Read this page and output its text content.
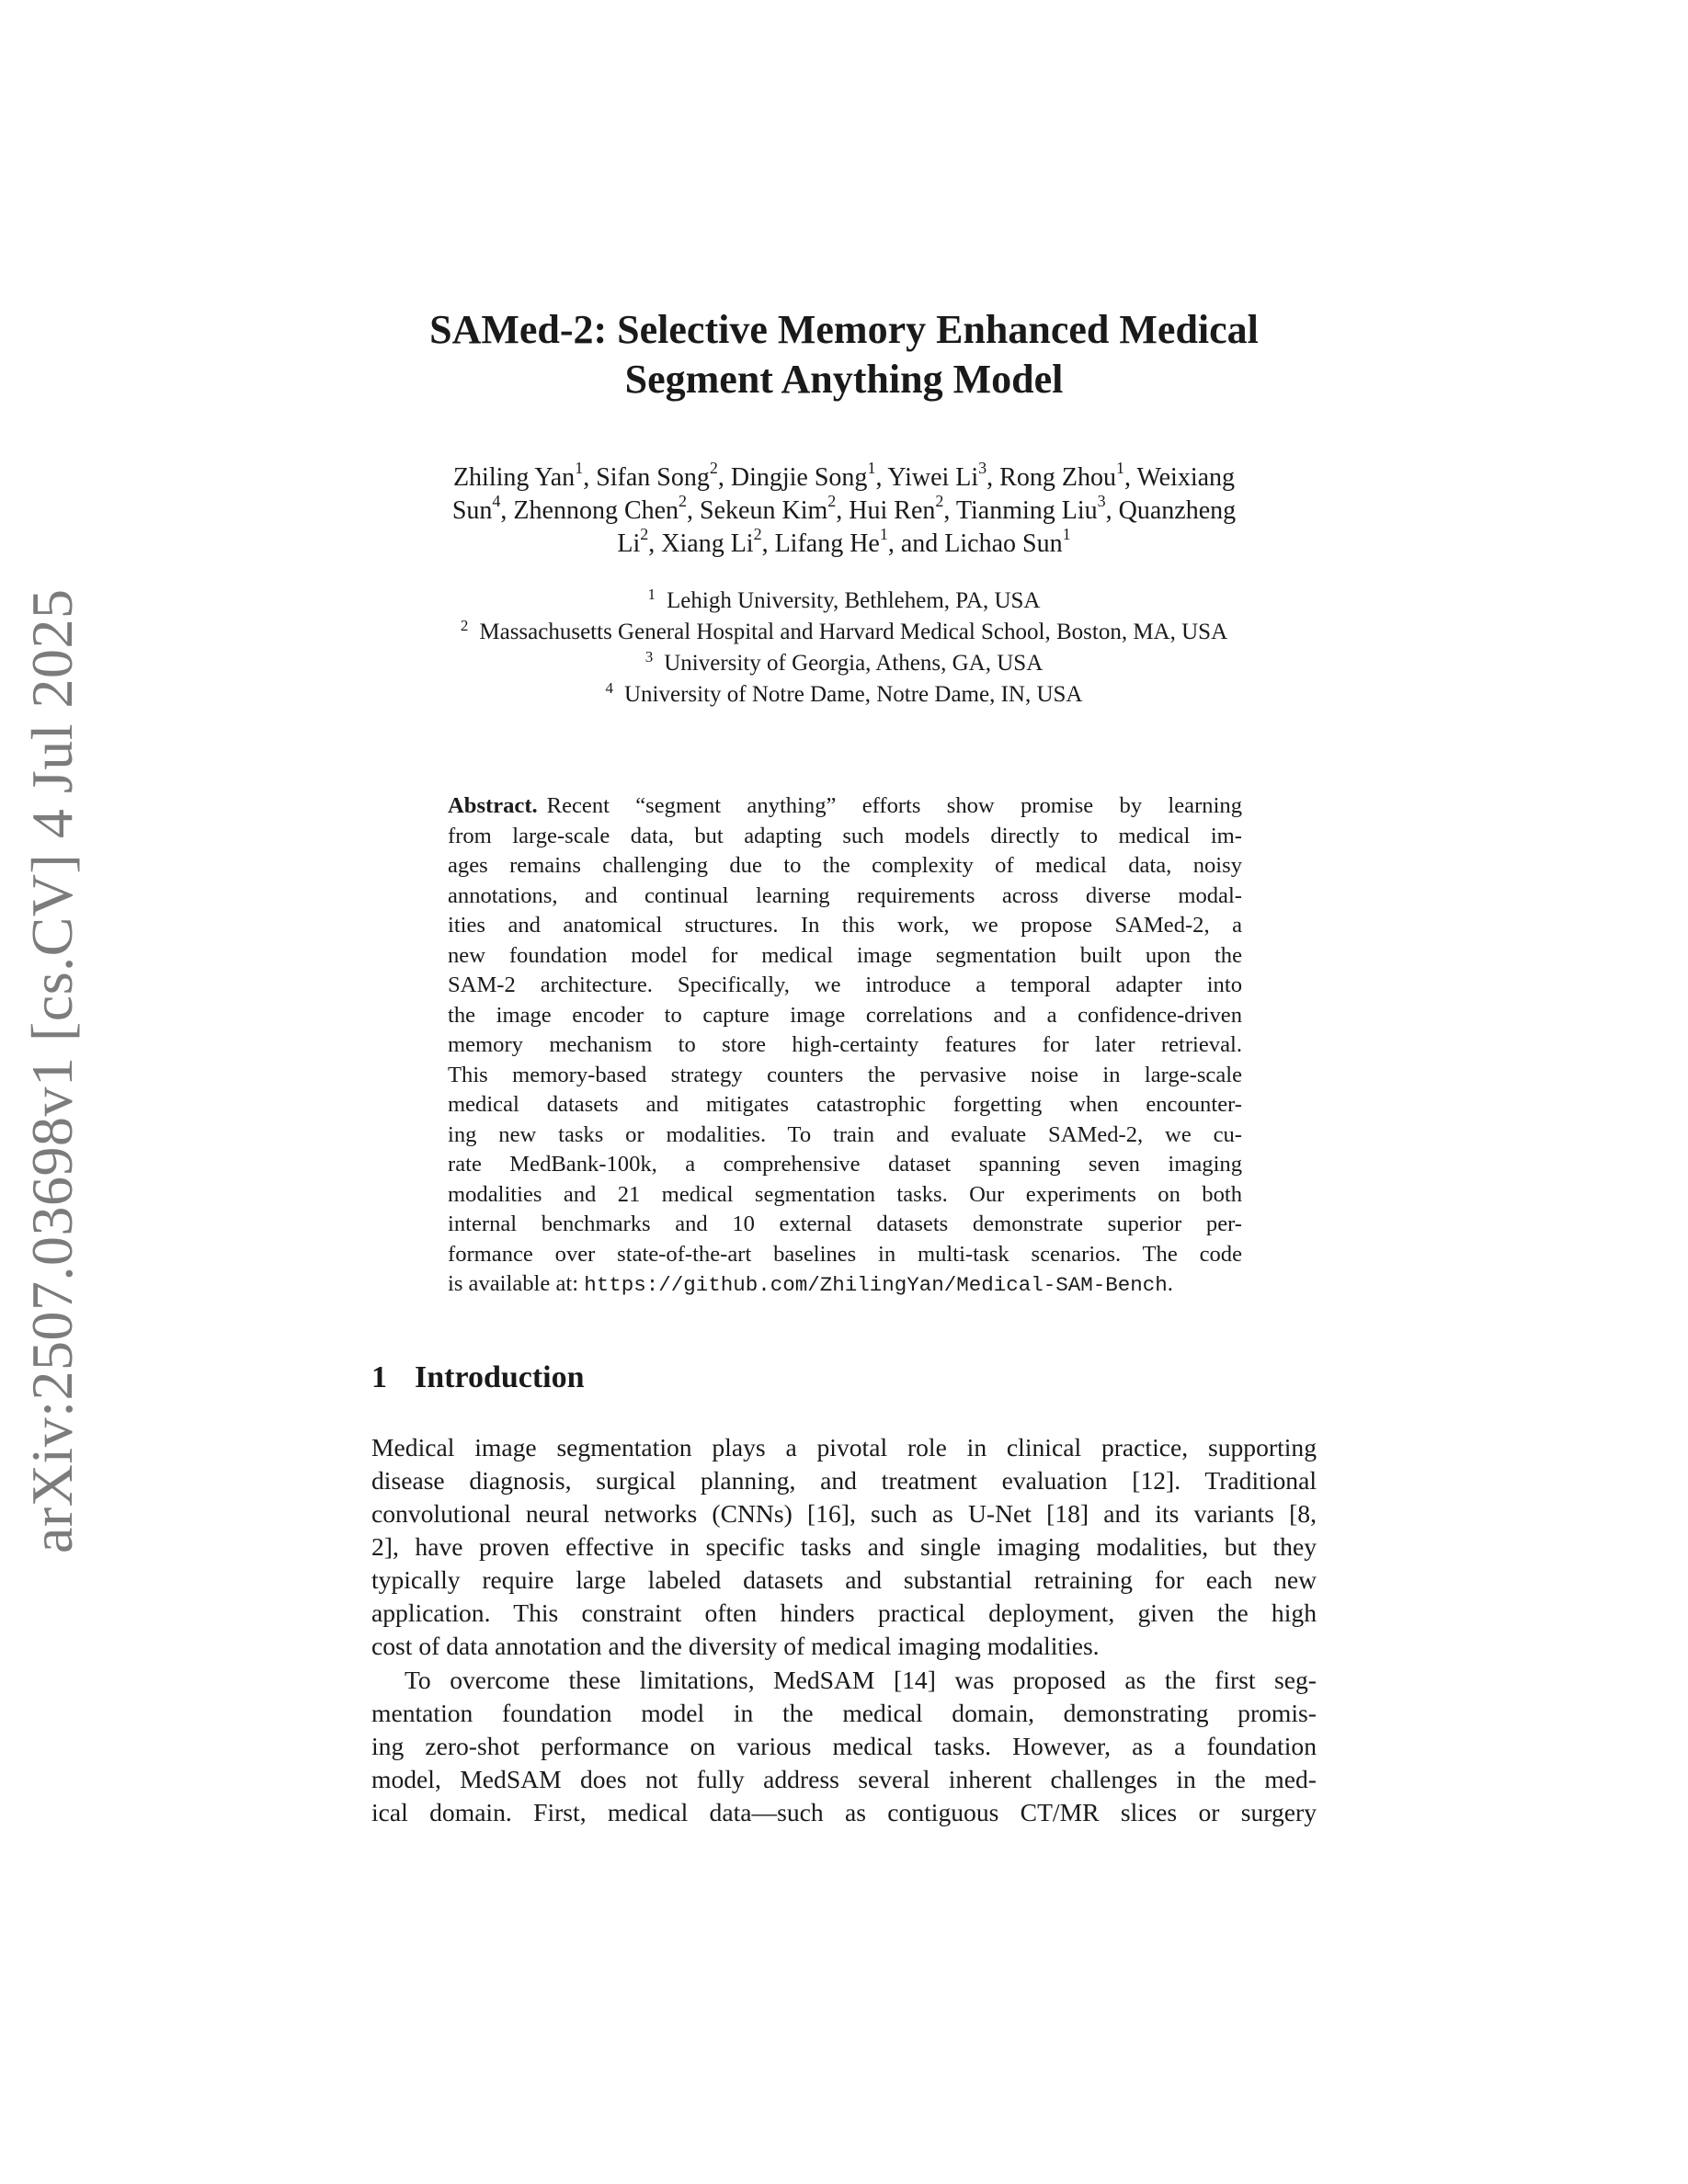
arXiv:2507.03698v1 [cs.CV] 4 Jul 2025
SAMed-2: Selective Memory Enhanced Medical
Segment Anything Model
Zhiling Yan$^1$, Sifan Song$^2$, Dingjie Song$^1$, Yiwei Li$^3$, Rong Zhou$^1$, Weixiang
Sun$^4$, Zhennong Chen$^2$, Sekeun Kim$^2$, Hui Ren$^2$, Tianming Liu$^3$, Quanzheng
Li$^2$, Xiang Li$^2$, Lifang He$^1$, and Lichao Sun$^1$
$^1$ Lehigh University, Bethlehem, PA, USA
$^2$ Massachusetts General Hospital and Harvard Medical School, Boston, MA, USA
$^3$ University of Georgia, Athens, GA, USA
$^4$ University of Notre Dame, Notre Dame, IN, USA
Abstract. Recent “segment anything” efforts show promise by learning
from large-scale data, but adapting such models directly to medical im-
ages remains challenging due to the complexity of medical data, noisy
annotations, and continual learning requirements across diverse modal-
ities and anatomical structures. In this work, we propose SAMed-2, a
new foundation model for medical image segmentation built upon the
SAM-2 architecture. Specifically, we introduce a temporal adapter into
the image encoder to capture image correlations and a confidence-driven
memory mechanism to store high-certainty features for later retrieval.
This memory-based strategy counters the pervasive noise in large-scale
medical datasets and mitigates catastrophic forgetting when encounter-
ing new tasks or modalities. To train and evaluate SAMed-2, we cu-
rate MedBank-100k, a comprehensive dataset spanning seven imaging
modalities and 21 medical segmentation tasks. Our experiments on both
internal benchmarks and 10 external datasets demonstrate superior per-
formance over state-of-the-art baselines in multi-task scenarios. The code
is available at: https://github.com/ZhilingYan/Medical-SAM-Bench.
1 Introduction
Medical image segmentation plays a pivotal role in clinical practice, supporting
disease diagnosis, surgical planning, and treatment evaluation [12]. Traditional
convolutional neural networks (CNNs) [16], such as U-Net [18] and its variants [8,
2], have proven effective in specific tasks and single imaging modalities, but they
typically require large labeled datasets and substantial retraining for each new
application. This constraint often hinders practical deployment, given the high
cost of data annotation and the diversity of medical imaging modalities.
To overcome these limitations, MedSAM [14] was proposed as the first seg-
mentation foundation model in the medical domain, demonstrating promis-
ing zero-shot performance on various medical tasks. However, as a foundation
model, MedSAM does not fully address several inherent challenges in the med-
ical domain. First, medical data—such as contiguous CT/MR slices or surgery
